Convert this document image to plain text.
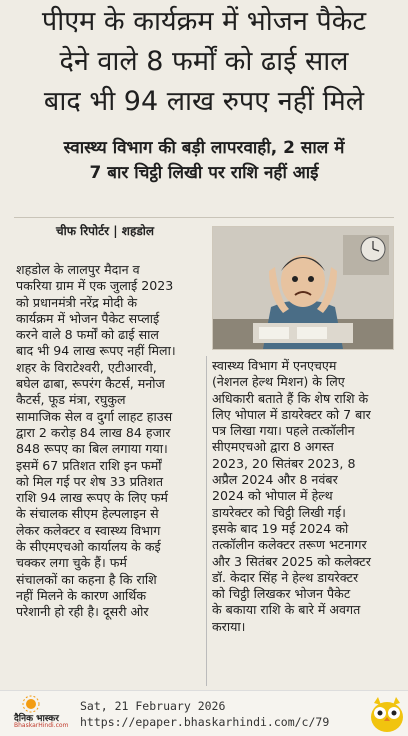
पीएम के कार्यक्रम में भोजन पैकेट
देने वाले 8 फर्मों को ढाई साल
बाद भी 94 लाख रुपए नहीं मिले
स्वास्थ्य विभाग की बड़ी लापरवाही, 2 साल में
7 बार चिट्ठी लिखी पर राशि नहीं आई
चीफ रिपोर्टर | शहडोल
शहडोल के लालपुर मैदान व
पकरिया ग्राम में एक जुलाई 2023
को प्रधानमंत्री नरेंद्र मोदी के
कार्यक्रम में भोजन पैकेट सप्लाई
करने वाले 8 फर्मों को ढाई साल
बाद भी 94 लाख रूपए नहीं मिला।
शहर के विराटेश्वरी, एटीआरवी,
बघेल ढाबा, रूपरंग कैटर्स, मनोज
कैटर्स, फूड मंत्रा, रघुकुल
सामाजिक सेल व दुर्गा लाहट हाउस
द्वारा 2 करोड़ 84 लाख 84 हजार
848 रूपए का बिल लगाया गया।
इसमें 67 प्रतिशत राशि इन फर्मों
को मिल गई पर शेष 33 प्रतिशत
राशि 94 लाख रूपए के लिए फर्म
के संचालक सीएम हेल्पलाइन से
लेकर कलेक्टर व स्वास्थ्य विभाग
के सीएमएचओ कार्यालय के कई
चक्कर लगा चुके हैं। फर्म
संचालकों का कहना है कि राशि
नहीं मिलने के कारण आर्थिक
परेशानी हो रही है। दूसरी ओर
स्वास्थ्य विभाग में एनएचएम
(नेशनल हेल्थ मिशन) के लिए
अधिकारी बताते हैं कि शेष राशि के
लिए भोपाल में डायरेक्टर को 7 बार
पत्र लिखा गया। पहले तत्कॉलीन
सीएमएचओ द्वारा 8 अगस्त
2023, 20 सितंबर 2023, 8
अप्रैल 2024 और 8 नवंबर
2024 को भोपाल में हेल्थ
डायरेक्टर को चिट्ठी लिखी गई।
इसके बाद 19 मई 2024 को
तत्कॉलीन कलेक्टर तरूण भटनागर
और 3 सितंबर 2025 को कलेक्टर
डॉ. केदार सिंह ने हेल्थ डायरेक्टर
को चिट्ठी लिखकर भोजन पैकेट
के बकाया राशि के बारे में अवगत
कराया।
दैनिक भास्कर
BhaskarHindi.com
Sat, 21 February 2026
https://epaper.bhaskarhindi.com/c/79
